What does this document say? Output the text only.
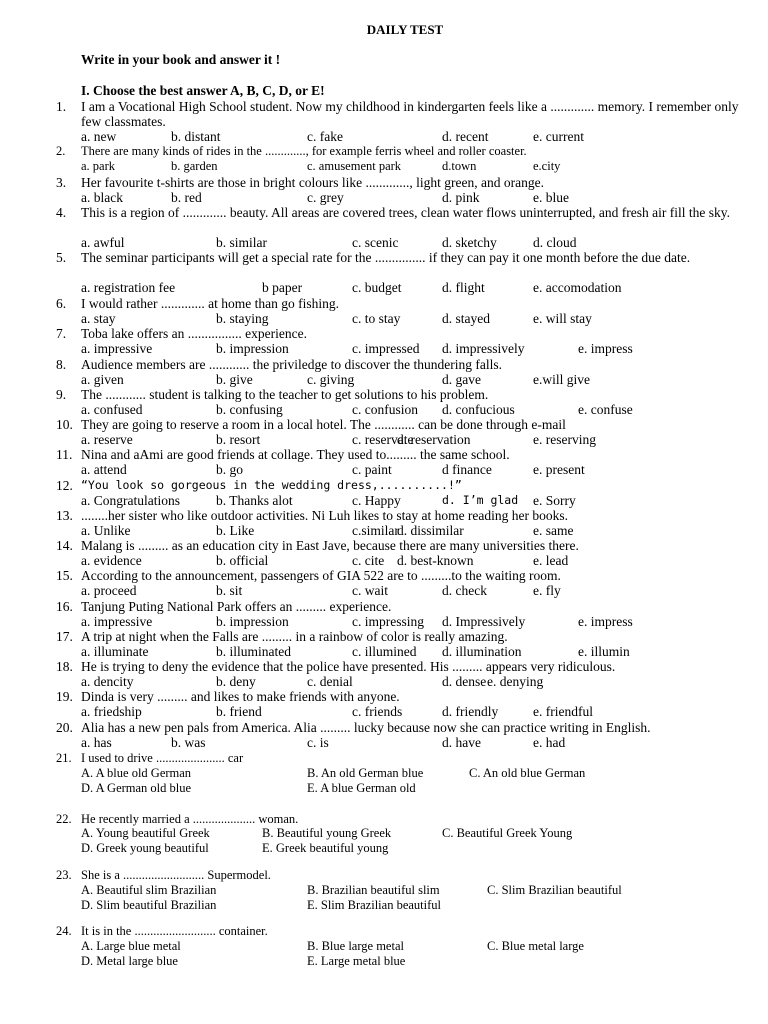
DAILY TEST
Write in your book and answer it !
I. Choose the best answer A, B, C, D, or E!
1. I am a Vocational High School student. Now my childhood in kindergarten feels like a ............. memory. I remember only few classmates.
a. new	b. distant	c. fake	d. recent	e. current
2. There are many kinds of rides in the ............., for example ferris wheel and roller coaster.
a. park	b. garden	c. amusement park	d.town	e.city
3. Her favourite t-shirts are those in bright colours like ............., light green, and orange.
a. black	b. red	c. grey	d. pink	e. blue
4. This is a region of ............. beauty. All areas are covered trees, clean water flows uninterrupted, and fresh air fill the sky.
a. awful	b. similar	c. scenic	d. sketchy	d. cloud
5. The seminar participants will get a special rate for the ............... if they can pay it one month before the due date.
a. registration fee	b paper	c. budget	d. flight	e. accomodation
6. I would rather ............. at home than go fishing.
a. stay	b. staying	c. to stay	d. stayed	e. will stay
7. Toba lake offers an ................ experience.
a. impressive	b. impression	c. impressed d. impressively	e. impress
8. Audience members are ............ the priviledge to discover the thundering falls.
a. given	b. give	c. giving	d. gave	e.will give
9. The ............ student is talking to the teacher to get solutions to his problem.
a. confused	b. confusing	c. confusion d. confucious	e. confuse
10. They are going to reserve a room in a local hotel. The ............ can be done through e-mail
a. reserve	b. resort	c. reservate
d. reservation	e. reserving
11. Nina and aAmi are good friends at collage. They used to......... the same school.
a. attend	b. go	c. paint	d finance	e. present
12. “You look so gorgeous in the wedding dress,..........!”
a. Congratulations	b. Thanks alot	c. Happy	d. I’m glad e. Sorry
13. ........her sister who like outdoor activities. Ni Luh likes to stay at home reading her books.
a. Unlike	b. Like	c.similar
d. dissimilar	e. same
14. Malang is ......... as an education city in East Jave, because there are many universities there.
a. evidence	b. official	c. cite d. best-known	e. lead
15. According to the announcement, passengers of GIA 522 are to .........to the waiting room.
a. proceed	b. sit	c. wait	d. check	e. fly
16. Tanjung Puting National Park offers an ......... experience.
a. impressive	b. impression	c. impressing d. Impressively	e. impress
17. A trip at night when the Falls are ......... in a rainbow of color is really amazing.
a. illuminate	b. illuminated	c. illumined d. illumination	e. illumin
18. He is trying to deny the evidence that the police have presented. His ......... appears very ridiculous.
a. dencity	b. deny	c. denial	d. dense e. denying
19. Dinda is very ......... and likes to make friends with anyone.
a. friedship	b. friend	c. friends	d. friendly	e. friendful
20. Alia has a new pen pals from America. Alia ......... lucky because now she can practice writing in English.
a. has	b. was	c. is	d. have	e. had
21. I used to drive ...................... car
A. A blue old German	B. An old German blue	C. An old blue German
D. A German old blue	E. A blue German old
22. He recently married a .................... woman.
A. Young beautiful Greek	B. Beautiful young Greek	C. Beautiful Greek Young
D. Greek young beautiful	E. Greek beautiful young
23. She is a .......................... Supermodel.
A. Beautiful slim Brazilian	B. Brazilian beautiful slim	C. Slim Brazilian beautiful
D. Slim beautiful Brazilian	E. Slim Brazilian beautiful
24. It is in the .......................... container.
A. Large blue metal	B. Blue large metal	C. Blue metal large
D. Metal large blue	E. Large metal blue
